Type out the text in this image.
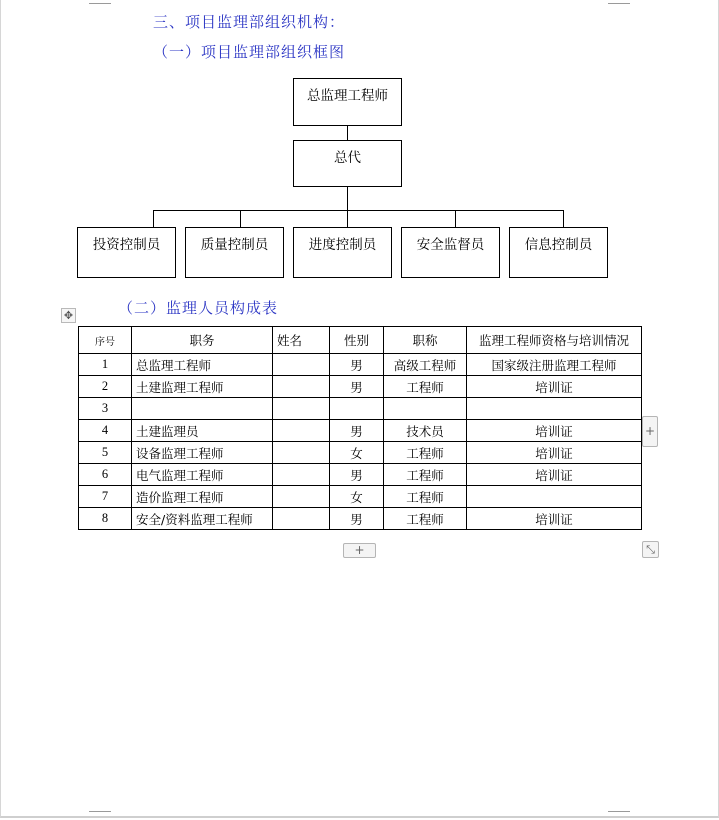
三、项目监理部组织机构：
（一）项目监理部组织框图
总监理工程师
总代
投资控制员	质量控制员	进度控制员	安全监督员	信息控制员
（二）监理人员构成表
✥
序号	职务	姓名	性别	职称	监理工程师资格与培训情况
1	总监理工程师		男	高级工程师	国家级注册监理工程师
2	土建监理工程师		男	工程师	培训证
3					
4	土建监理员		男	技术员	培训证
5	设备监理工程师		女	工程师	培训证
6	电气监理工程师		男	工程师	培训证
7	造价监理工程师		女	工程师	
8	安全/资料监理工程师		男	工程师	培训证
+
+	⤡
